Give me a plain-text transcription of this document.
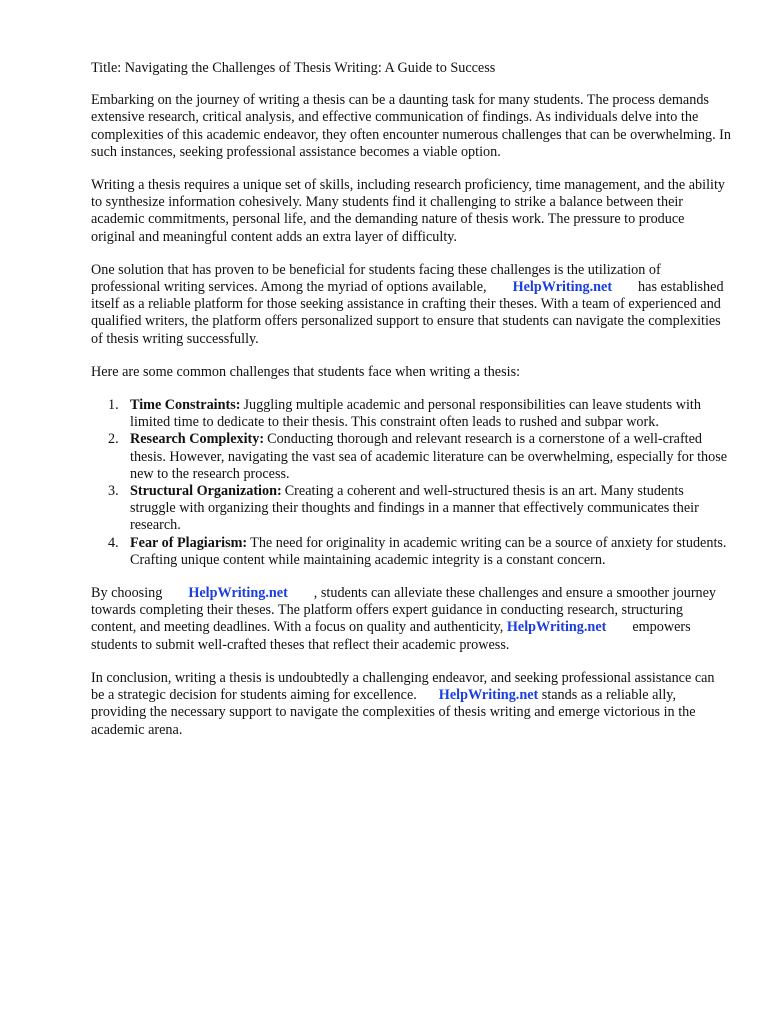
Title: Navigating the Challenges of Thesis Writing: A Guide to Success

Embarking on the journey of writing a thesis can be a daunting task for many students. The process demands extensive research, critical analysis, and effective communication of findings. As individuals delve into the complexities of this academic endeavor, they often encounter numerous challenges that can be overwhelming. In such instances, seeking professional assistance becomes a viable option.

Writing a thesis requires a unique set of skills, including research proficiency, time management, and the ability to synthesize information cohesively. Many students find it challenging to strike a balance between their academic commitments, personal life, and the demanding nature of thesis work. The pressure to produce original and meaningful content adds an extra layer of difficulty.

One solution that has proven to be beneficial for students facing these challenges is the utilization of professional writing services. Among the myriad of options available, HelpWriting.net has established itself as a reliable platform for those seeking assistance in crafting their theses. With a team of experienced and qualified writers, the platform offers personalized support to ensure that students can navigate the complexities of thesis writing successfully.

Here are some common challenges that students face when writing a thesis:

1. Time Constraints: Juggling multiple academic and personal responsibilities can leave students with limited time to dedicate to their thesis. This constraint often leads to rushed and subpar work.
2. Research Complexity: Conducting thorough and relevant research is a cornerstone of a well-crafted thesis. However, navigating the vast sea of academic literature can be overwhelming, especially for those new to the research process.
3. Structural Organization: Creating a coherent and well-structured thesis is an art. Many students struggle with organizing their thoughts and findings in a manner that effectively communicates their research.
4. Fear of Plagiarism: The need for originality in academic writing can be a source of anxiety for students. Crafting unique content while maintaining academic integrity is a constant concern.

By choosing HelpWriting.net , students can alleviate these challenges and ensure a smoother journey towards completing their theses. The platform offers expert guidance in conducting research, structuring content, and meeting deadlines. With a focus on quality and authenticity, HelpWriting.net empowers students to submit well-crafted theses that reflect their academic prowess.

In conclusion, writing a thesis is undoubtedly a challenging endeavor, and seeking professional assistance can be a strategic decision for students aiming for excellence. HelpWriting.net stands as a reliable ally, providing the necessary support to navigate the complexities of thesis writing and emerge victorious in the academic arena.
